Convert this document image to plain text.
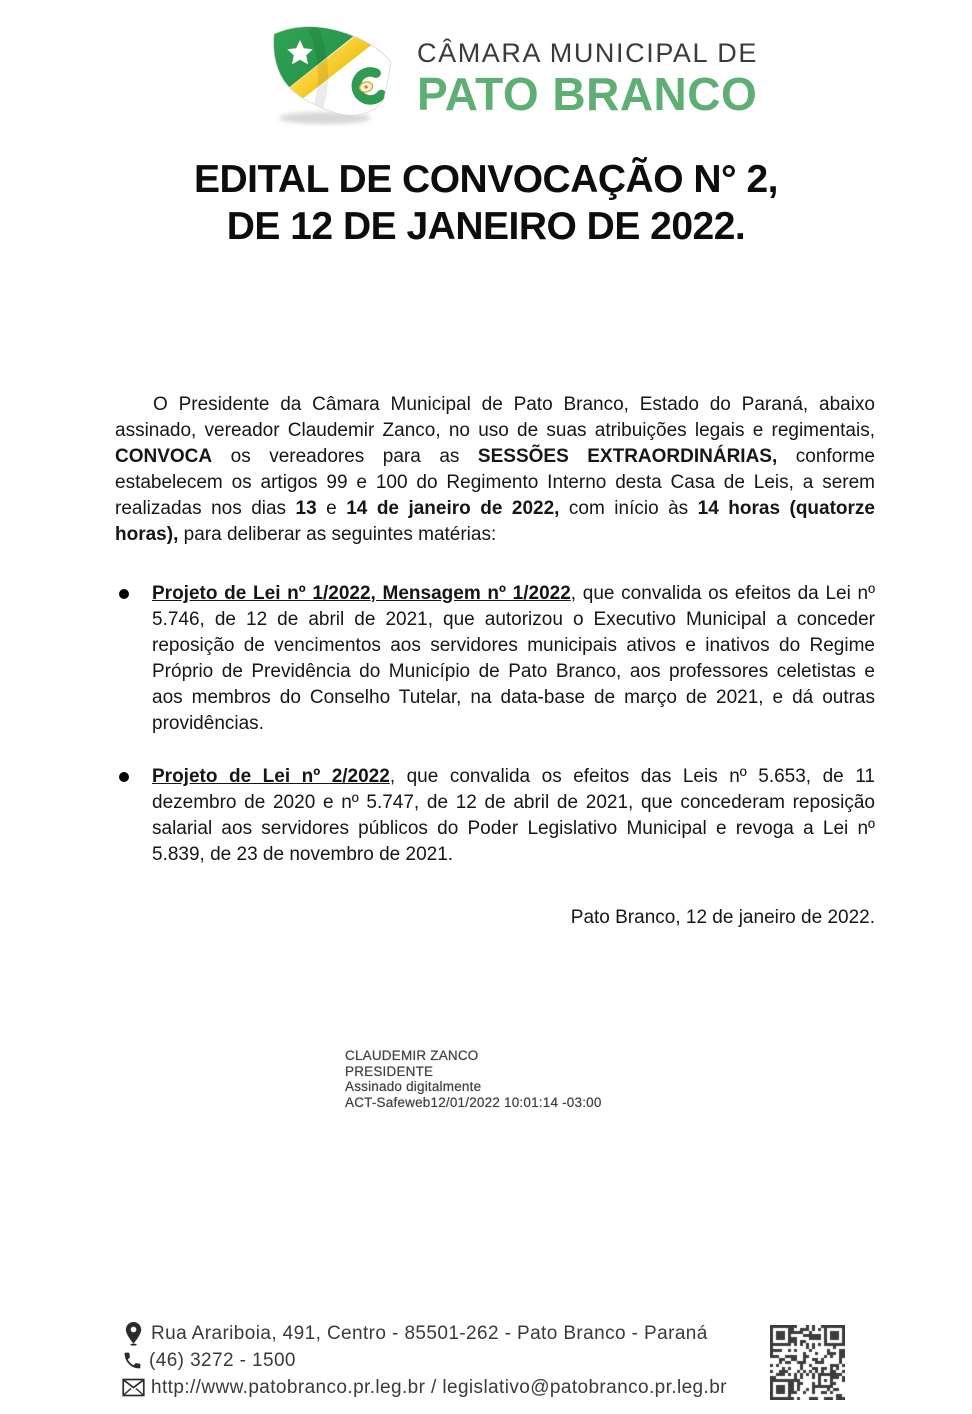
CÂMARA MUNICIPAL DE
PATO BRANCO
EDITAL DE CONVOCAÇÃO N° 2,
DE 12 DE JANEIRO DE 2022.

O Presidente da Câmara Municipal de Pato Branco, Estado do Paraná, abaixo assinado, vereador Claudemir Zanco, no uso de suas atribuições legais e regimentais, CONVOCA os vereadores para as SESSÕES EXTRAORDINÁRIAS, conforme estabelecem os artigos 99 e 100 do Regimento Interno desta Casa de Leis, a serem realizadas nos dias 13 e 14 de janeiro de 2022, com início às 14 horas (quatorze horas), para deliberar as seguintes matérias:

Projeto de Lei nº 1/2022, Mensagem nº 1/2022, que convalida os efeitos da Lei nº 5.746, de 12 de abril de 2021, que autorizou o Executivo Municipal a conceder reposição de vencimentos aos servidores municipais ativos e inativos do Regime Próprio de Previdência do Município de Pato Branco, aos professores celetistas e aos membros do Conselho Tutelar, na data-base de março de 2021, e dá outras providências.
Projeto de Lei nº 2/2022, que convalida os efeitos das Leis nº 5.653, de 11 dezembro de 2020 e nº 5.747, de 12 de abril de 2021, que concederam reposição salarial aos servidores públicos do Poder Legislativo Municipal e revoga a Lei nº 5.839, de 23 de novembro de 2021.

Pato Branco, 12 de janeiro de 2022.

CLAUDEMIR ZANCO
PRESIDENTE
Assinado digitalmente
ACT-Safeweb12/01/2022 10:01:14 -03:00
Rua Arariboia, 491, Centro - 85501-262 - Pato Branco - Paraná
(46) 3272 - 1500
http://www.patobranco.pr.leg.br / legislativo@patobranco.pr.leg.br
